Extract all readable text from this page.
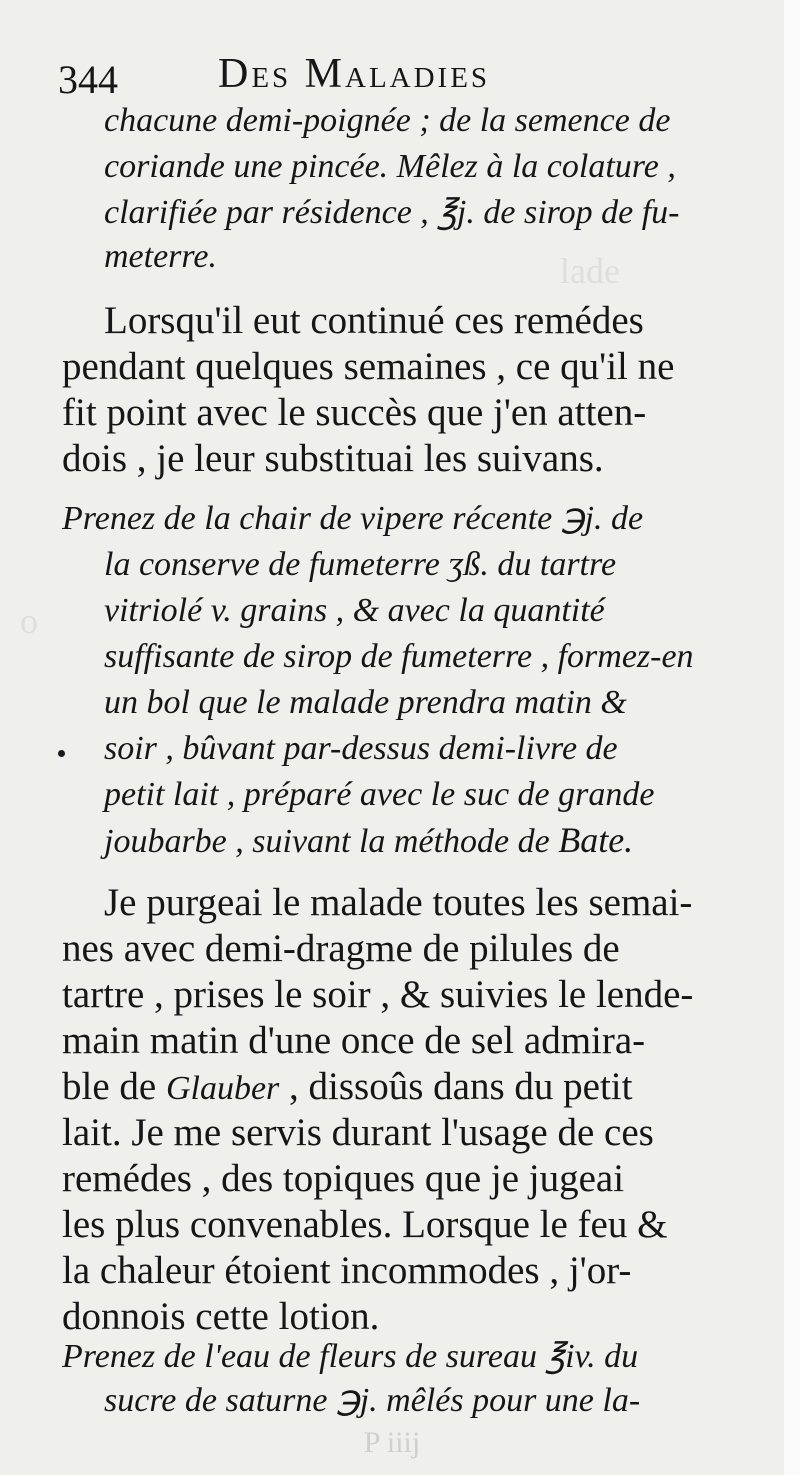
lade
o
344 Des Maladies
chacune demi-poignée ; de la semence de
coriande une pincée. Mêlez à la colature ,
clarifiée par résidence , ℥j. de sirop de fu-
meterre.
Lorsqu'il eut continué ces remédes
pendant quelques semaines , ce qu'il ne
fit point avec le succès que j'en atten-
dois , je leur substituai les suivans.
Prenez de la chair de vipere récente ℈j. de
la conserve de fumeterre ʒß. du tartre
vitriolé v. grains , & avec la quantité
suffisante de sirop de fumeterre , formez-en
un bol que le malade prendra matin &
soir , bûvant par-dessus demi-livre de
petit lait , préparé avec le suc de grande
joubarbe , suivant la méthode de Bate.
Je purgeai le malade toutes les semai-
nes avec demi-dragme de pilules de
tartre , prises le soir , & suivies le lende-
main matin d'une once de sel admira-
ble de Glauber , dissoûs dans du petit
lait. Je me servis durant l'usage de ces
remédes , des topiques que je jugeai
les plus convenables. Lorsque le feu &
la chaleur étoient incommodes , j'or-
donnois cette lotion.
Prenez de l'eau de fleurs de sureau ℥iv. du
sucre de saturne ℈j. mêlés pour une la-
P iiij
